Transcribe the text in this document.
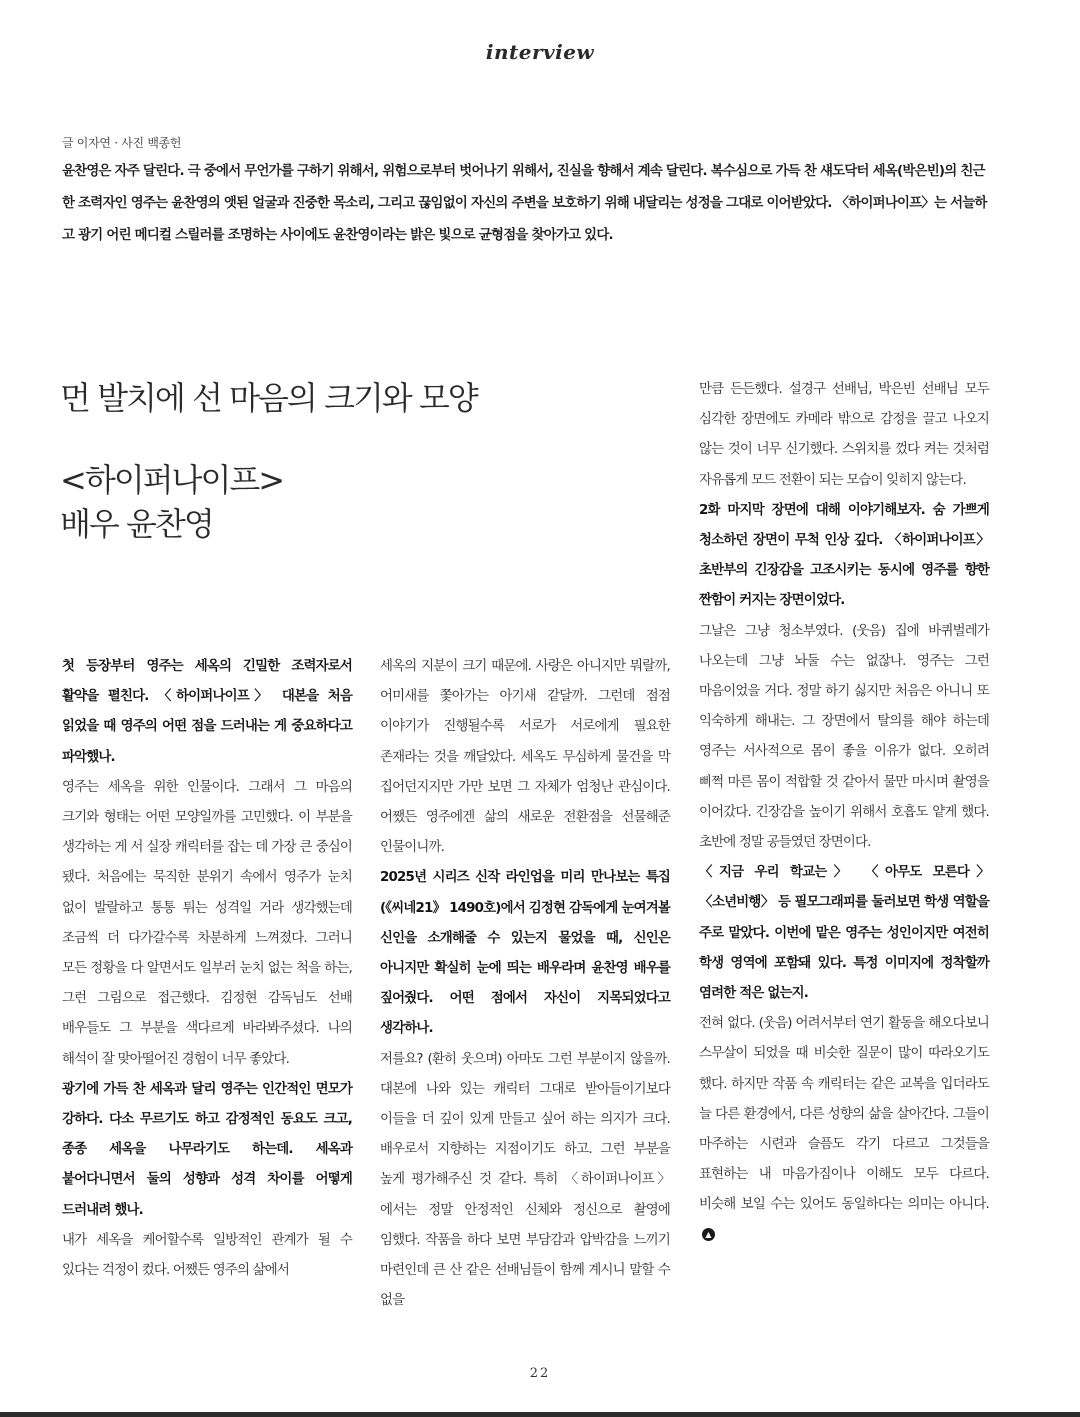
interview
글 이자연 · 사진 백종헌

윤찬영은 자주 달린다. 극 중에서 무언가를 구하기 위해서, 위험으로부터 벗어나기 위해서, 진실을 향해서 계속 달린다. 복수심으로 가득 찬 섀도닥터 세옥(박은빈)의 친근한 조력자인 영주는 윤찬영의 앳된 얼굴과 진중한 목소리, 그리고 끊임없이 자신의 주변을 보호하기 위해 내달리는 성정을 그대로 이어받았다. 〈하이퍼나이프〉는 서늘하고 광기 어린 메디컬 스릴러를 조명하는 사이에도 윤찬영이라는 밝은 빛으로 균형점을 찾아가고 있다.

먼 발치에 선 마음의 크기와 모양
<하이퍼나이프>
배우 윤찬영

첫 등장부터 영주는 세옥의 긴밀한 조력자로서 활약을 펼친다. 〈하이퍼나이프〉 대본을 처음 읽었을 때 영주의 어떤 점을 드러내는 게 중요하다고 파악했나.

영주는 세옥을 위한 인물이다. 그래서 그 마음의 크기와 형태는 어떤 모양일까를 고민했다. 이 부분을 생각하는 게 서 실장 캐릭터를 잡는 데 가장 큰 중심이 됐다. 처음에는 묵직한 분위기 속에서 영주가 눈치 없이 발랄하고 통통 튀는 성격일 거라 생각했는데 조금씩 더 다가갈수록 차분하게 느껴졌다. 그러니 모든 정황을 다 알면서도 일부러 눈치 없는 척을 하는, 그런 그림으로 접근했다. 김정현 감독님도 선배 배우들도 그 부분을 색다르게 바라봐주셨다. 나의 해석이 잘 맞아떨어진 경험이 너무 좋았다.

광기에 가득 찬 세옥과 달리 영주는 인간적인 면모가 강하다. 다소 무르기도 하고 감정적인 동요도 크고, 종종 세옥을 나무라기도 하는데. 세옥과 붙어다니면서 둘의 성향과 성격 차이를 어떻게 드러내려 했나.

내가 세옥을 케어할수록 일방적인 관계가 될 수 있다는 걱정이 컸다. 어쨌든 영주의 삶에서

세옥의 지분이 크기 때문에. 사랑은 아니지만 뭐랄까, 어미새를 쫓아가는 아기새 같달까. 그런데 점점 이야기가 진행될수록 서로가 서로에게 필요한 존재라는 것을 깨달았다. 세옥도 무심하게 물건을 막 집어던지지만 가만 보면 그 자체가 엄청난 관심이다. 어쨌든 영주에겐 삶의 새로운 전환점을 선물해준 인물이니까.

2025년 시리즈 신작 라인업을 미리 만나보는 특집(《씨네21》 1490호)에서 김정현 감독에게 눈여겨볼 신인을 소개해줄 수 있는지 물었을 때, 신인은 아니지만 확실히 눈에 띄는 배우라며 윤찬영 배우를 짚어줬다. 어떤 점에서 자신이 지목되었다고 생각하나.

저를요? (환히 웃으며) 아마도 그런 부분이지 않을까. 대본에 나와 있는 캐릭터 그대로 받아들이기보다 이들을 더 깊이 있게 만들고 싶어 하는 의지가 크다. 배우로서 지향하는 지점이기도 하고. 그런 부분을 높게 평가해주신 것 같다. 특히 〈하이퍼나이프〉에서는 정말 안정적인 신체와 정신으로 촬영에 임했다. 작품을 하다 보면 부담감과 압박감을 느끼기 마련인데 큰 산 같은 선배님들이 함께 계시니 말할 수 없을

만큼 든든했다. 설경구 선배님, 박은빈 선배님 모두 심각한 장면에도 카메라 밖으로 감정을 끌고 나오지 않는 것이 너무 신기했다. 스위치를 껐다 켜는 것처럼 자유롭게 모드 전환이 되는 모습이 잊히지 않는다.

2화 마지막 장면에 대해 이야기해보자. 숨 가쁘게 청소하던 장면이 무척 인상 깊다. 〈하이퍼나이프〉 초반부의 긴장감을 고조시키는 동시에 영주를 향한 짠함이 커지는 장면이었다.

그날은 그냥 청소부였다. (웃음) 집에 바퀴벌레가 나오는데 그냥 놔둘 수는 없잖나. 영주는 그런 마음이었을 거다. 정말 하기 싫지만 처음은 아니니 또 익숙하게 해내는. 그 장면에서 탈의를 해야 하는데 영주는 서사적으로 몸이 좋을 이유가 없다. 오히려 삐쩍 마른 몸이 적합할 것 같아서 물만 마시며 촬영을 이어갔다. 긴장감을 높이기 위해서 호흡도 얕게 했다. 초반에 정말 공들였던 장면이다.

〈지금 우리 학교는〉 〈아무도 모른다〉 〈소년비행〉 등 필모그래피를 둘러보면 학생 역할을 주로 맡았다. 이번에 맡은 영주는 성인이지만 여전히 학생 영역에 포함돼 있다. 특정 이미지에 정착할까 염려한 적은 없는지.

전혀 없다. (웃음) 어려서부터 연기 활동을 해오다보니 스무살이 되었을 때 비슷한 질문이 많이 따라오기도 했다. 하지만 작품 속 캐릭터는 같은 교복을 입더라도 늘 다른 환경에서, 다른 성향의 삶을 살아간다. 그들이 마주하는 시련과 슬픔도 각기 다르고 그것들을 표현하는 내 마음가짐이나 이해도 모두 다르다. 비슷해 보일 수는 있어도 동일하다는 의미는 아니다.▲

22
